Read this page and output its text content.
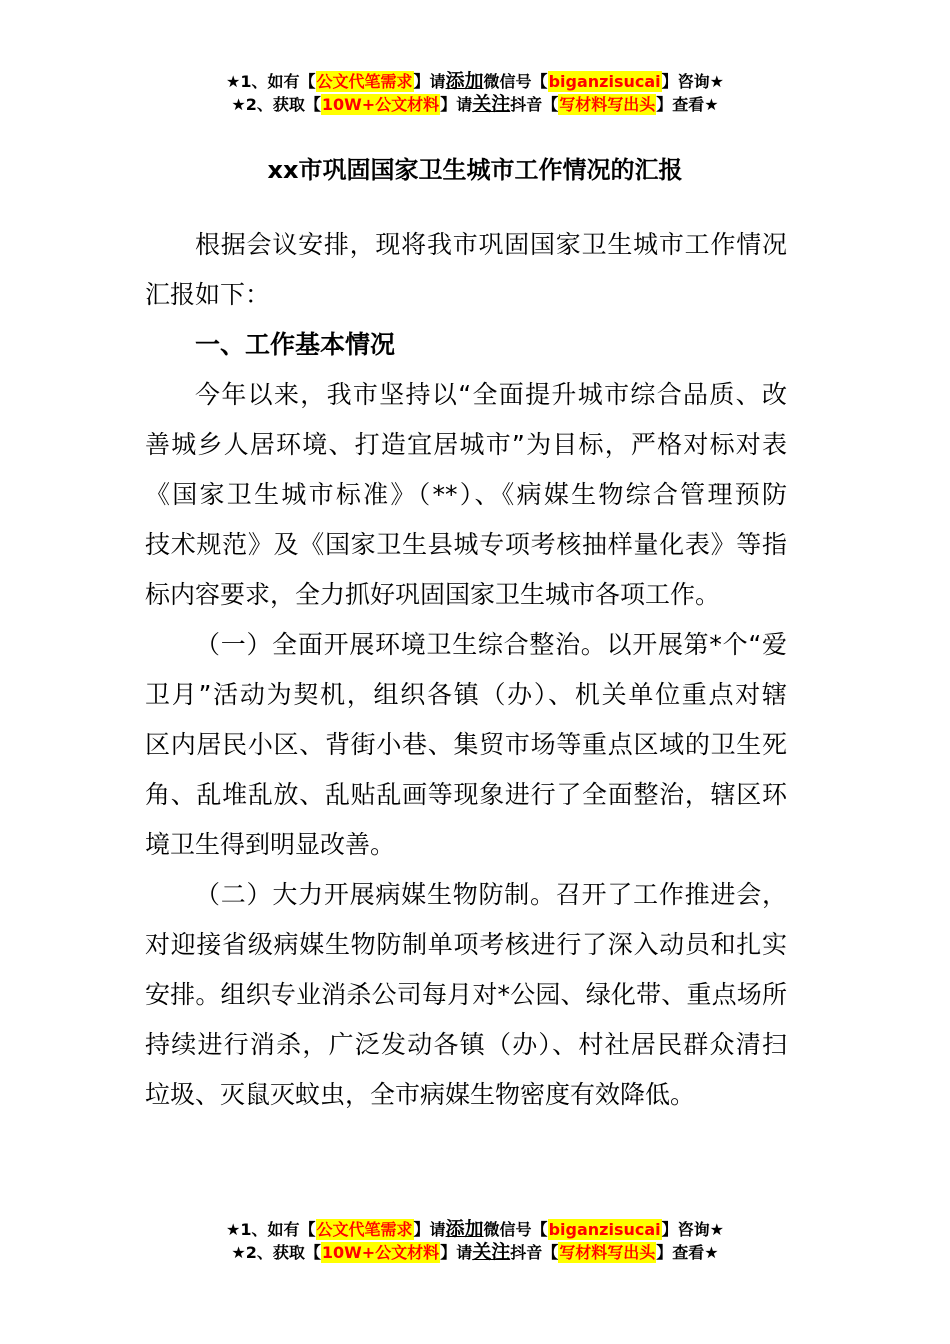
★1、如有【公文代笔需求】请添加微信号【biganzisucai】咨询★
★2、获取【10W+公文材料】请关注抖音【写材料写出头】查看★
xx市巩固国家卫生城市工作情况的汇报
根据会议安排，现将我市巩固国家卫生城市工作情况
汇报如下：
一、工作基本情况
今年以来，我市坚持以“全面提升城市综合品质、改
善城乡人居环境、打造宜居城市”为目标，严格对标对表
《国家卫生城市标准》（**）、《病媒生物综合管理预防
技术规范》及《国家卫生县城专项考核抽样量化表》等指
标内容要求，全力抓好巩固国家卫生城市各项工作。
（一）全面开展环境卫生综合整治。以开展第*个“爱
卫月”活动为契机，组织各镇（办）、机关单位重点对辖
区内居民小区、背街小巷、集贸市场等重点区域的卫生死
角、乱堆乱放、乱贴乱画等现象进行了全面整治，辖区环
境卫生得到明显改善。
（二）大力开展病媒生物防制。召开了工作推进会，
对迎接省级病媒生物防制单项考核进行了深入动员和扎实
安排。组织专业消杀公司每月对*公园、绿化带、重点场所
持续进行消杀，广泛发动各镇（办）、村社居民群众清扫
垃圾、灭鼠灭蚊虫，全市病媒生物密度有效降低。
★1、如有【公文代笔需求】请添加微信号【biganzisucai】咨询★
★2、获取【10W+公文材料】请关注抖音【写材料写出头】查看★
